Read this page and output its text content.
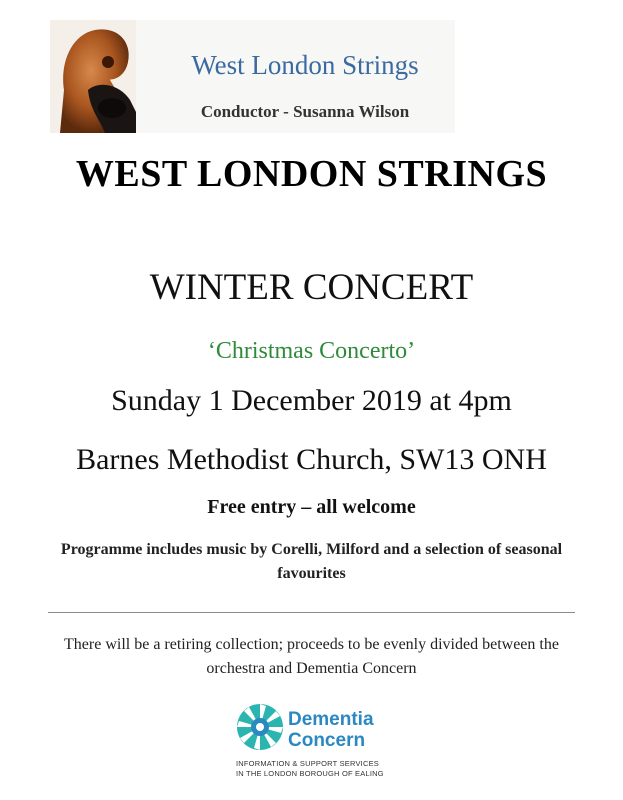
West London Strings
Conductor - Susanna Wilson
WEST LONDON STRINGS
WINTER CONCERT
‘Christmas Concerto’
Sunday 1 December 2019 at 4pm
Barnes Methodist Church, SW13 ONH
Free entry – all welcome
Programme includes music by Corelli, Milford and a selection of seasonal favourites
There will be a retiring collection; proceeds to be evenly divided between the orchestra and Dementia Concern
Dementia
Concern
INFORMATION & SUPPORT SERVICES
IN THE LONDON BOROUGH OF EALING
